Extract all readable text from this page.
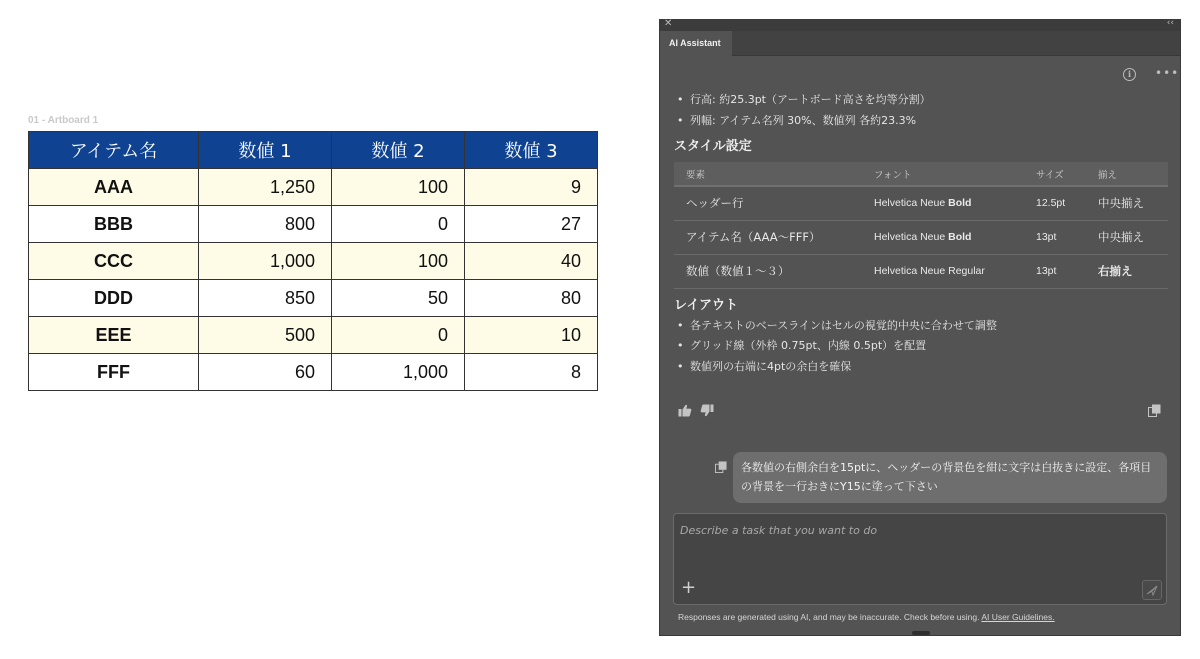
01 - Artboard 1
アイテム名	数値 1	数値 2	数値 3
AAA	1,250	100	9
BBB	800	0	27
CCC	1,000	100	40
DDD	850	50	80
EEE	500	0	10
FFF	60	1,000	8
✕	‹‹
AI Assistant
i	•••
• 行高: 約25.3pt（アートボード高さを均等分割）
• 列幅: アイテム名列 30%、数値列 各約23.3%
スタイル設定
要素	フォント	サイズ	揃え
ヘッダー行	Helvetica Neue Bold	12.5pt	中央揃え
アイテム名（AAA〜FFF）	Helvetica Neue Bold	13pt	中央揃え
数値（数値１〜３）	Helvetica Neue Regular	13pt	右揃え
レイアウト
• 各テキストのベースラインはセルの視覚的中央に合わせて調整
• グリッド線（外枠 0.75pt、内線 0.5pt）を配置
• 数値列の右端に4ptの余白を確保
各数値の右側余白を15ptに、ヘッダーの背景色を紺に文字は白抜きに設定、各項目の背景を一行おきにY15に塗って下さい
Describe a task that you want to do
+
Responses are generated using AI, and may be inaccurate. Check before using. AI User Guidelines.
